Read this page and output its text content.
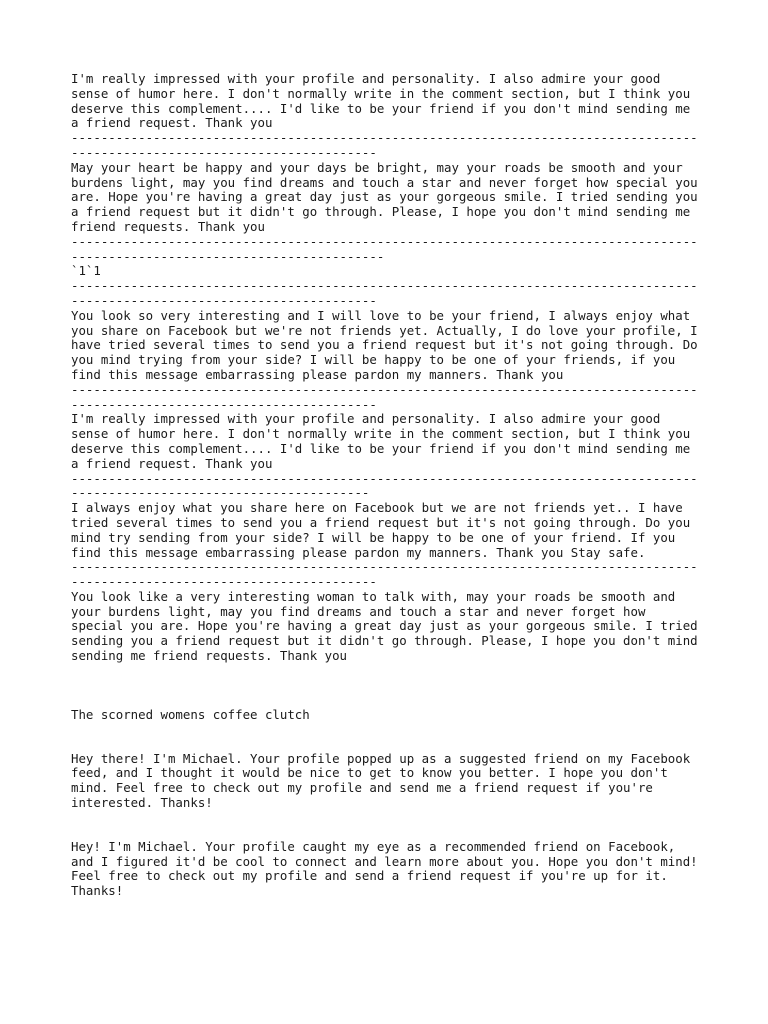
I'm really impressed with your profile and personality. I also admire your good sense of humor here. I don't normally write in the comment section, but I think you deserve this complement.... I'd like to be your friend if you don't mind sending me a friend request. Thank you

-----------------------------------------------------------------------------------------------------------------------------

May your heart be happy and your days be bright, may your roads be smooth and your burdens light, may you find dreams and touch a star and never forget how special you are. Hope you're having a great day just as your gorgeous smile. I tried sending you a friend request but it didn't go through. Please, I hope you don't mind sending me friend requests. Thank you

------------------------------------------------------------------------------------------------------------------------------

`1`1

-----------------------------------------------------------------------------------------------------------------------------

You look so very interesting and I will love to be your friend, I always enjoy what you share on Facebook but we're not friends yet. Actually, I do love your profile, I have tried several times to send you a friend request but it's not going through. Do you mind trying from your side? I will be happy to be one of your friends, if you find this message embarrassing please pardon my manners. Thank you

-----------------------------------------------------------------------------------------------------------------------------

I'm really impressed with your profile and personality. I also admire your good sense of humor here. I don't normally write in the comment section, but I think you deserve this complement.... I'd like to be your friend if you don't mind sending me a friend request. Thank you

----------------------------------------------------------------------------------------------------------------------------

I always enjoy what you share here on Facebook but we are not friends yet.. I have tried several times to send you a friend request but it's not going through. Do you mind try sending from your side? I will be happy to be one of your friend. If you find this message embarrassing please pardon my manners. Thank you Stay safe.

-----------------------------------------------------------------------------------------------------------------------------

You look like a very interesting woman to talk with, may your roads be smooth and your burdens light, may you find dreams and touch a star and never forget how special you are. Hope you're having a great day just as your gorgeous smile. I tried sending you a friend request but it didn't go through. Please, I hope you don't mind sending me friend requests. Thank you

The scorned womens coffee clutch

Hey there! I'm Michael. Your profile popped up as a suggested friend on my Facebook feed, and I thought it would be nice to get to know you better. I hope you don't mind. Feel free to check out my profile and send me a friend request if you're interested. Thanks!

Hey! I'm Michael. Your profile caught my eye as a recommended friend on Facebook, and I figured it'd be cool to connect and learn more about you. Hope you don't mind! Feel free to check out my profile and send a friend request if you're up for it. Thanks!
